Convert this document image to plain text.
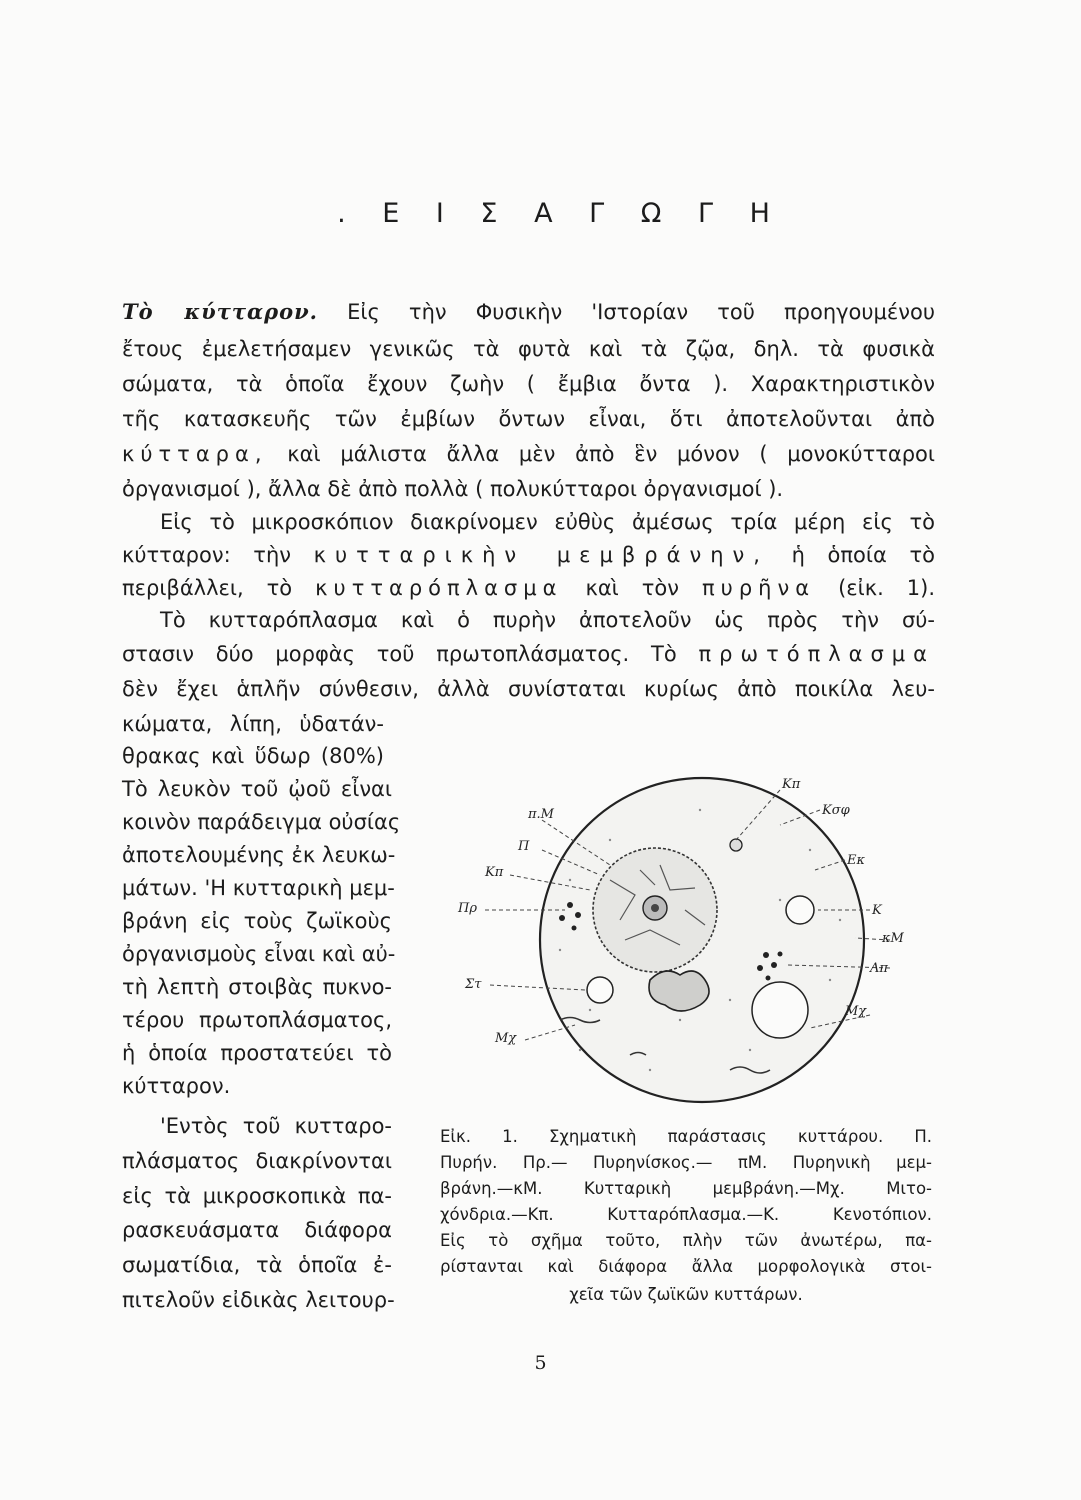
. Ε Ι Σ Α Γ Ω Γ Η
Τὸ κύτταρον. Εἰς τὴν Φυσικὴν 'Ιστορίαν τοῦ προηγουμένου
ἔτους ἐμελετήσαμεν γενικῶς τὰ φυτὰ καὶ τὰ ζῷα, δηλ. τὰ φυσικὰ
σώματα, τὰ ὁποῖα ἔχουν ζωὴν ( ἔμβια ὄντα ). Χαρακτηριστικὸν
τῆς κατασκευῆς τῶν ἐμβίων ὄντων εἶναι, ὅτι ἀποτελοῦνται ἀπὸ
κύτταρα, καὶ μάλιστα ἄλλα μὲν ἀπὸ ἓν μόνον ( μονοκύτταροι
ὀργανισμοί ), ἄλλα δὲ ἀπὸ πολλὰ ( πολυκύτταροι ὀργανισμοί ).
Εἰς τὸ μικροσκόπιον διακρίνομεν εὐθὺς ἀμέσως τρία μέρη εἰς τὸ
κύτταρον: τὴν κυτταρικὴν μεμβράνην, ἡ ὁποία τὸ
περιβάλλει, τὸ κυτταρόπλασμα καὶ τὸν πυρῆνα (εἰκ. 1).
Τὸ κυτταρόπλασμα καὶ ὁ πυρὴν ἀποτελοῦν ὡς πρὸς τὴν σύ-
στασιν δύο μορφὰς τοῦ πρωτοπλάσματος. Τὸ πρωτόπλασμα
δὲν ἔχει ἁπλῆν σύνθεσιν, ἀλλὰ συνίσταται κυρίως ἀπὸ ποικίλα λευ-
κώματα, λίπη, ὑδατάν-
θρακας καὶ ὕδωρ (80%)
Τὸ λευκὸν τοῦ ᾠοῦ εἶναι
κοινὸν παράδειγμα οὐσίας
ἀποτελουμένης ἐκ λευκω-
μάτων. 'Η κυτταρικὴ μεμ-
βράνη εἰς τοὺς ζωϊκοὺς
ὀργανισμοὺς εἶναι καὶ αὐ-
τὴ λεπτὴ στοιβὰς πυκνο-
τέρου πρωτοπλάσματος,
ἡ ὁποία προστατεύει τὸ
κύτταρον.
'Εντὸς τοῦ κυτταρο-
πλάσματος διακρίνονται
εἰς τὰ μικροσκοπικὰ πα-
ρασκευάσματα διάφορα
σωματίδια, τὰ ὁποῖα ἐ-
πιτελοῦν εἰδικὰς λειτουρ-
π.Μ
Π
Κπ
Πρ
Στ
Μχ
Κπ
Κσφ
Εκ
Κ
κΜ
Λπ
Μχ
Εἰκ. 1. Σχηματικὴ παράστασις κυττάρου. Π.
Πυρήν. Πρ.— Πυρηνίσκος.— πΜ. Πυρηνικὴ μεμ-
βράνη.—κΜ. Κυτταρικὴ μεμβράνη.—Μχ. Μιτο-
χόνδρια.—Κπ. Κυτταρόπλασμα.—Κ. Κενοτόπιον.
Εἰς τὸ σχῆμα τοῦτο, πλὴν τῶν ἀνωτέρω, πα-
ρίστανται καὶ διάφορα ἄλλα μορφολογικὰ στοι-
χεῖα τῶν ζωϊκῶν κυττάρων.
5
